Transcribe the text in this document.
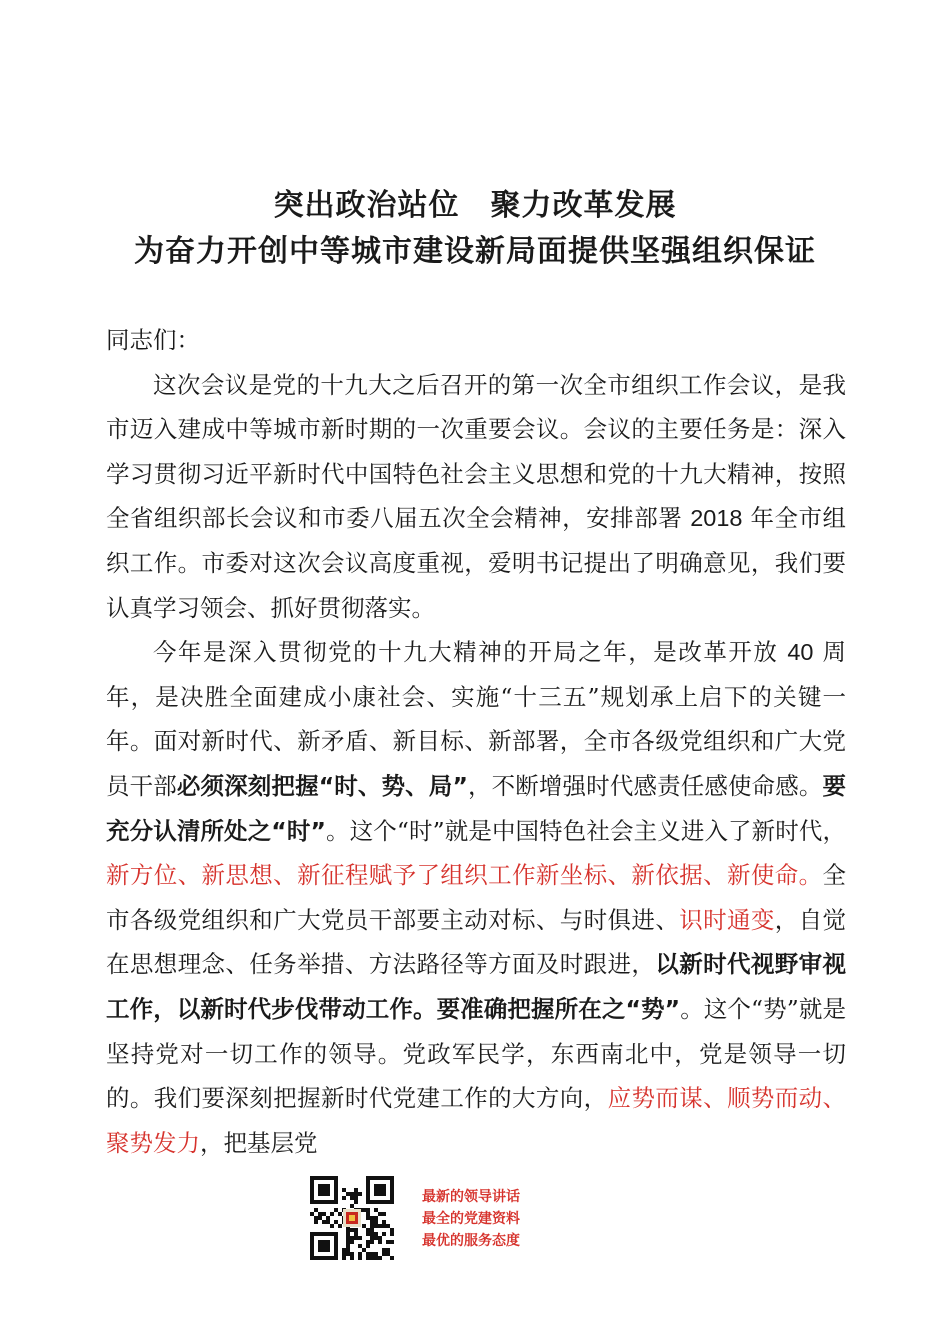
突出政治站位　聚力改革发展
为奋力开创中等城市建设新局面提供坚强组织保证

同志们：

这次会议是党的十九大之后召开的第一次全市组织工作会议，是我市迈入建成中等城市新时期的一次重要会议。会议的主要任务是：深入学习贯彻习近平新时代中国特色社会主义思想和党的十九大精神，按照全省组织部长会议和市委八届五次全会精神，安排部署 2018 年全市组织工作。市委对这次会议高度重视，爱明书记提出了明确意见，我们要认真学习领会、抓好贯彻落实。

今年是深入贯彻党的十九大精神的开局之年，是改革开放 40 周年，是决胜全面建成小康社会、实施“十三五”规划承上启下的关键一年。面对新时代、新矛盾、新目标、新部署，全市各级党组织和广大党员干部必须深刻把握“时、势、局”，不断增强时代感责任感使命感。要充分认清所处之“时”。这个“时”就是中国特色社会主义进入了新时代，新方位、新思想、新征程赋予了组织工作新坐标、新依据、新使命。全市各级党组织和广大党员干部要主动对标、与时俱进、识时通变，自觉在思想理念、任务举措、方法路径等方面及时跟进，以新时代视野审视工作，以新时代步伐带动工作。要准确把握所在之“势”。这个“势”就是坚持党对一切工作的领导。党政军民学，东西南北中，党是领导一切的。我们要深刻把握新时代党建工作的大方向，应势而谋、顺势而动、聚势发力，把基层党

最新的领导讲话
最全的党建资料
最优的服务态度
